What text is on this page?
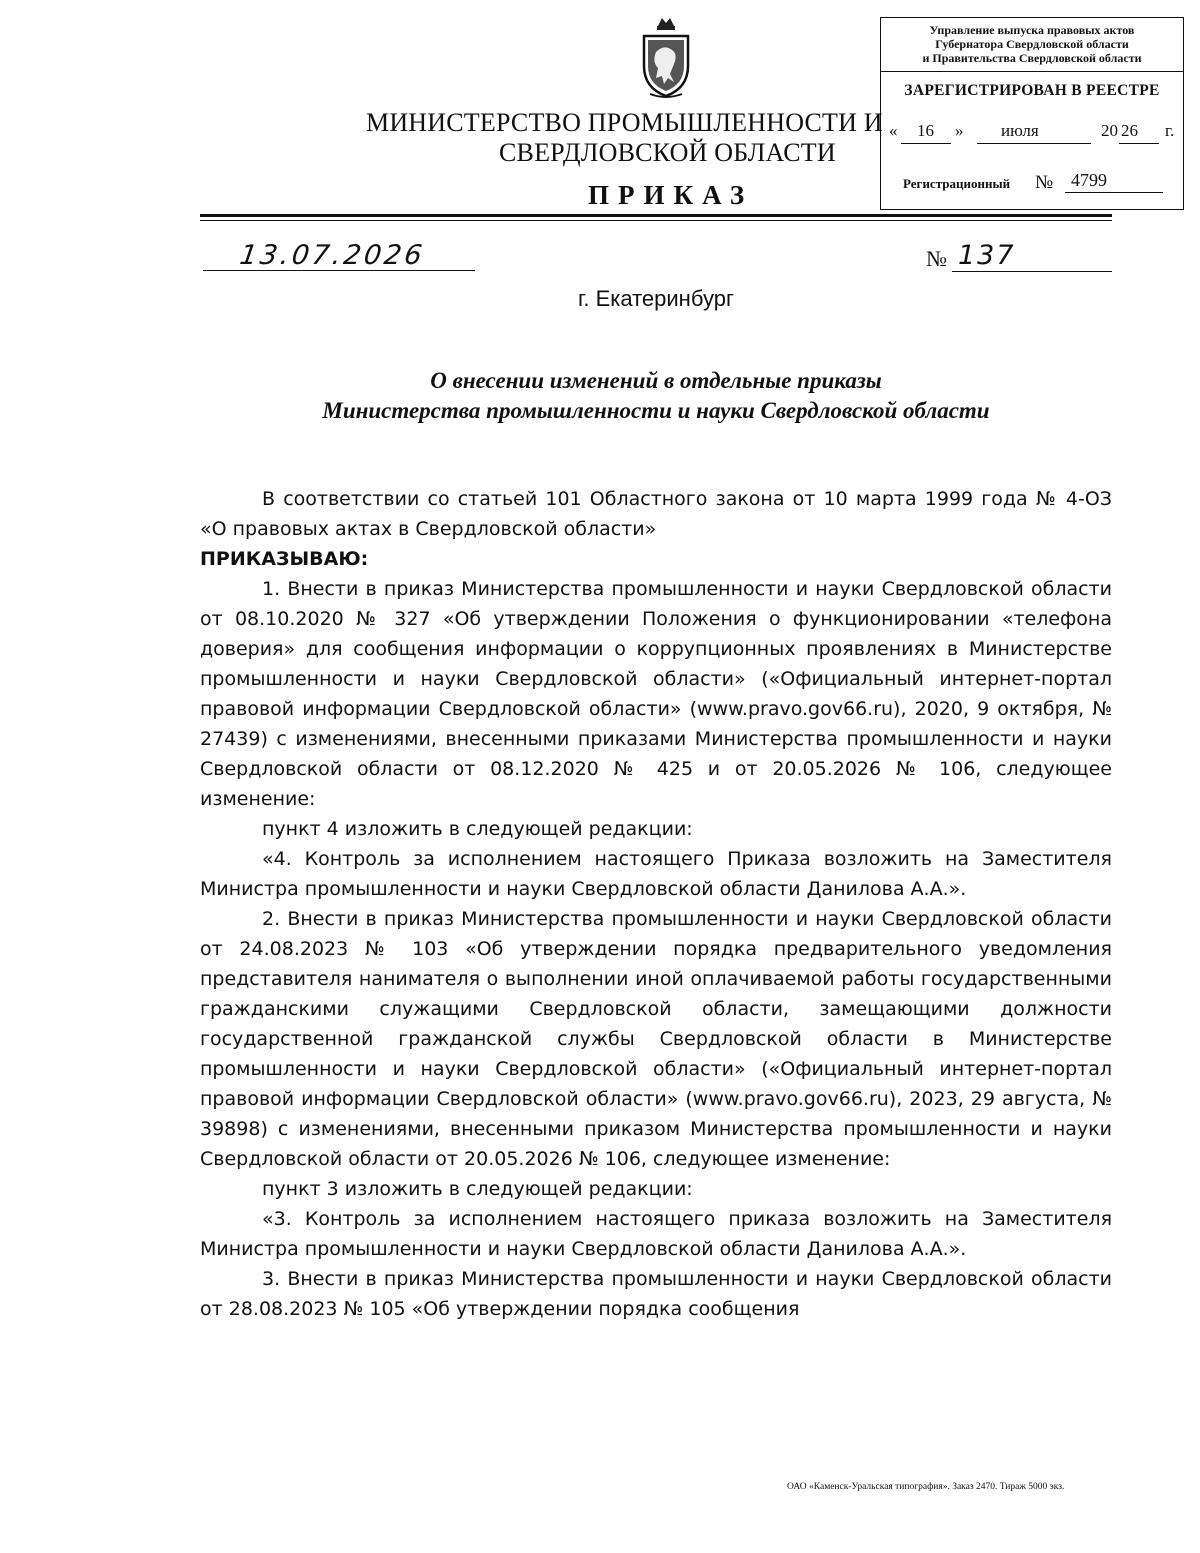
Управление выпуска правовых актов
Губернатора Свердловской области
и Правительства Свердловской области
ЗАРЕГИСТРИРОВАН В РЕЕСТРЕ
« 16 » июля	20 26 г.
Регистрационный № 4799
МИНИСТЕРСТВО ПРОМЫШЛЕННОСТИ И
СВЕРДЛОВСКОЙ ОБЛАСТИ
ПРИКАЗ
13.07.2026	№ 137
г. Екатеринбург
О внесении изменений в отдельные приказы
Министерства промышленности и науки Свердловской области

В соответствии со статьей 101 Областного закона от 10 марта 1999 года № 4-ОЗ «О правовых актах в Свердловской области»

ПРИКАЗЫВАЮ:

1. Внести в приказ Министерства промышленности и науки Свердловской области от 08.10.2020 № 327 «Об утверждении Положения о функционировании «телефона доверия» для сообщения информации о коррупционных проявлениях в Министерстве промышленности и науки Свердловской области» («Официальный интернет-портал правовой информации Свердловской области» (www.pravo.gov66.ru), 2020, 9 октября, № 27439) с изменениями, внесенными приказами Министерства промышленности и науки Свердловской области от 08.12.2020 № 425 и от 20.05.2026 № 106, следующее изменение:

пункт 4 изложить в следующей редакции:

«4. Контроль за исполнением настоящего Приказа возложить на Заместителя Министра промышленности и науки Свердловской области Данилова А.А.».

2. Внести в приказ Министерства промышленности и науки Свердловской области от 24.08.2023 № 103 «Об утверждении порядка предварительного уведомления представителя нанимателя о выполнении иной оплачиваемой работы государственными гражданскими служащими Свердловской области, замещающими должности государственной гражданской службы Свердловской области в Министерстве промышленности и науки Свердловской области» («Официальный интернет-портал правовой информации Свердловской области» (www.pravo.gov66.ru), 2023, 29 августа, № 39898) с изменениями, внесенными приказом Министерства промышленности и науки Свердловской области от 20.05.2026 № 106, следующее изменение:

пункт 3 изложить в следующей редакции:

«3. Контроль за исполнением настоящего приказа возложить на Заместителя Министра промышленности и науки Свердловской области Данилова А.А.».

3. Внести в приказ Министерства промышленности и науки Свердловской области от 28.08.2023 № 105 «Об утверждении порядка сообщения

ОАО «Каменск-Уральская типография». Заказ 2470. Тираж 5000 экз.
